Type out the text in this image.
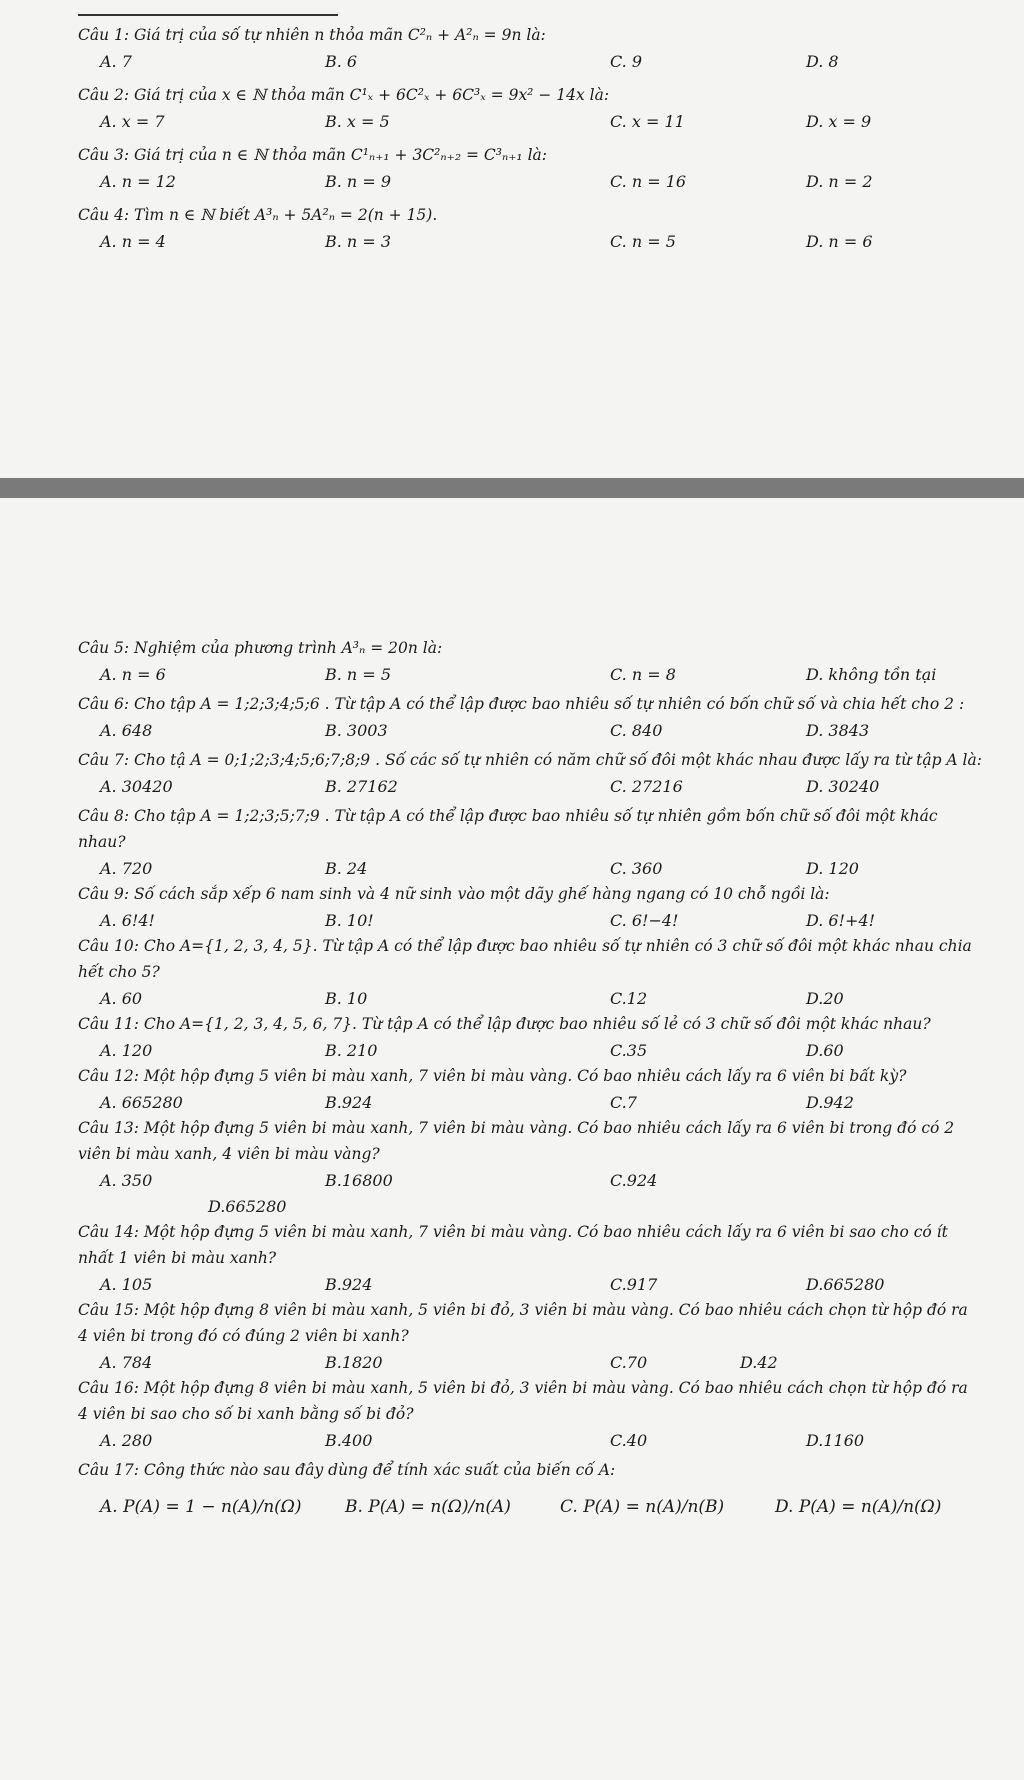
Câu 1: Giá trị của số tự nhiên n thỏa mãn C²ₙ + A²ₙ = 9n là:
A. 7	B. 6	C. 9	D. 8
Câu 2: Giá trị của x ∈ ℕ thỏa mãn C¹ₓ + 6C²ₓ + 6C³ₓ = 9x² − 14x là:
A. x = 7	B. x = 5	C. x = 11	D. x = 9
Câu 3: Giá trị của n ∈ ℕ thỏa mãn C¹ₙ₊₁ + 3C²ₙ₊₂ = C³ₙ₊₁ là:
A. n = 12	B. n = 9	C. n = 16	D. n = 2
Câu 4: Tìm n ∈ ℕ biết A³ₙ + 5A²ₙ = 2(n + 15).
A. n = 4	B. n = 3	C. n = 5	D. n = 6
Câu 5: Nghiệm của phương trình A³ₙ = 20n là:
A. n = 6	B. n = 5	C. n = 8	D. không tồn tại
Câu 6: Cho tập A = 1;2;3;4;5;6 . Từ tập A có thể lập được bao nhiêu số tự nhiên có bốn chữ số và chia hết cho 2 :
A. 648	B. 3003	C. 840	D. 3843
Câu 7: Cho tậ A = 0;1;2;3;4;5;6;7;8;9 . Số các số tự nhiên có năm chữ số đôi một khác nhau được lấy ra từ tập A là:
A. 30420	B. 27162	C. 27216	D. 30240
Câu 8: Cho tập A = 1;2;3;5;7;9 . Từ tập A có thể lập được bao nhiêu số tự nhiên gồm bốn chữ số đôi một khác nhau?
A. 720	B. 24	C. 360	D. 120
Câu 9: Số cách sắp xếp 6 nam sinh và 4 nữ sinh vào một dãy ghế hàng ngang có 10 chỗ ngồi là:
A. 6!4!	B. 10!	C. 6!−4!	D. 6!+4!
Câu 10: Cho A={1, 2, 3, 4, 5}. Từ tập A có thể lập được bao nhiêu số tự nhiên có 3 chữ số đôi một khác nhau chia hết cho 5?
A. 60	B. 10	C.12	D.20
Câu 11: Cho A={1, 2, 3, 4, 5, 6, 7}. Từ tập A có thể lập được bao nhiêu số lẻ có 3 chữ số đôi một khác nhau?
A. 120	B. 210	C.35	D.60
Câu 12: Một hộp đựng 5 viên bi màu xanh, 7 viên bi màu vàng. Có bao nhiêu cách lấy ra 6 viên bi bất kỳ?
A. 665280	B.924	C.7	D.942
Câu 13: Một hộp đựng 5 viên bi màu xanh, 7 viên bi màu vàng. Có bao nhiêu cách lấy ra 6 viên bi trong đó có 2 viên bi màu xanh, 4 viên bi màu vàng?
A. 350	B.16800	C.924
D.665280
Câu 14: Một hộp đựng 5 viên bi màu xanh, 7 viên bi màu vàng. Có bao nhiêu cách lấy ra 6 viên bi sao cho có ít nhất 1 viên bi màu xanh?
A. 105	B.924	C.917	D.665280
Câu 15: Một hộp đựng 8 viên bi màu xanh, 5 viên bi đỏ, 3 viên bi màu vàng. Có bao nhiêu cách chọn từ hộp đó ra 4 viên bi trong đó có đúng 2 viên bi xanh?
A. 784	B.1820	C.70	D.42
Câu 16: Một hộp đựng 8 viên bi màu xanh, 5 viên bi đỏ, 3 viên bi màu vàng. Có bao nhiêu cách chọn từ hộp đó ra 4 viên bi sao cho số bi xanh bằng số bi đỏ?
A. 280	B.400	C.40	D.1160
Câu 17: Công thức nào sau đây dùng để tính xác suất của biến cố A:
A. P(A) = 1 − n(A)/n(Ω)	B. P(A) = n(Ω)/n(A)	C. P(A) = n(A)/n(B)	D. P(A) = n(A)/n(Ω)
